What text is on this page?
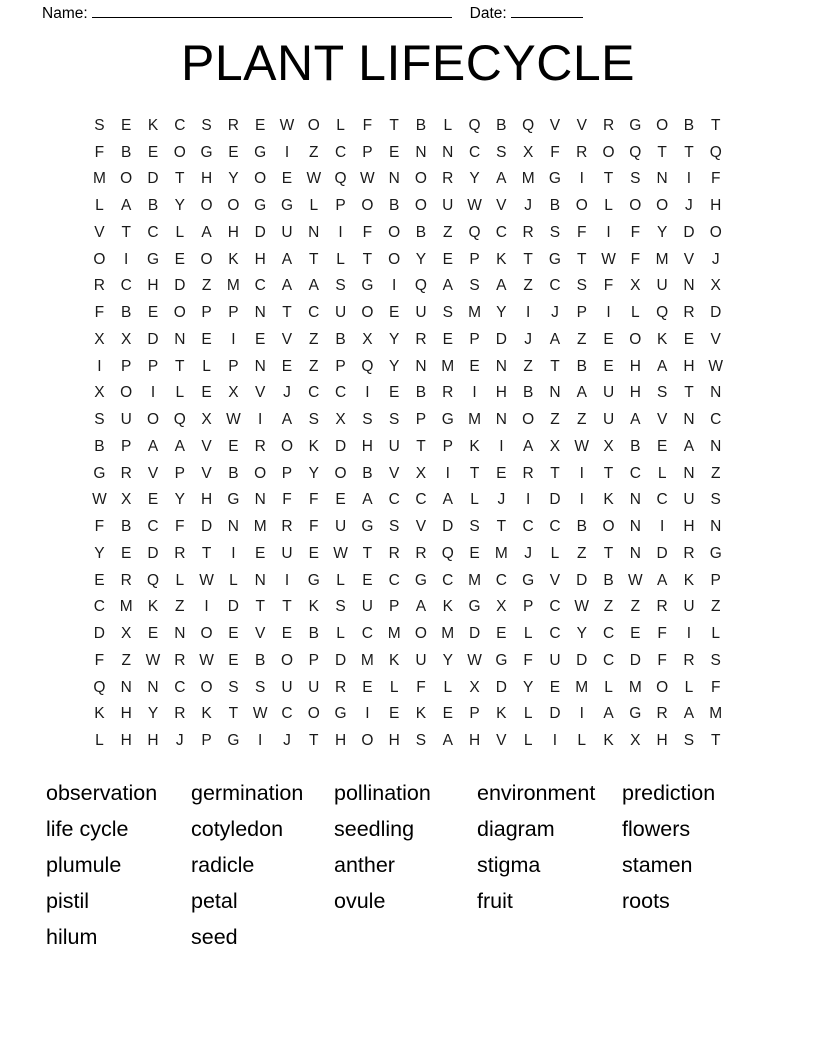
Name:	Date:
PLANT LIFECYCLE
S	E	K	C	S	R	E W O	L	F	T	B	L	Q	B	Q	V	V	R G O	B	T
F	B	E	O G	E	G	I	Z	C	P	E	N	N	C	S	X	F	R O Q	T	T	Q
M O D	T	H	Y	O	E W Q W N O R	Y	A M G	I	T	S	N	I	F
L	A	B	Y	O O G G	L	P	O	B	O U W V	J	B	O	L	O O	J	H
V	T	C	L	A	H	D	U	N	I	F	O	B	Z	Q C	R	S	F	I	F	Y	D O
O	I	G	E	O	K	H	A	T	L	T	O	Y	E	P	K	T	G	T W F	M V	J
R	C	H	D	Z	M C	A	A	S	G	I	Q	A	S	A	Z	C	S	F	X	U	N	X
F	B	E	O	P	P	N	T	C	U O	E	U	S M Y	I	J	P	I	L	Q R	D
X	X	D	N	E	I	E	V	Z	B	X	Y	R	E	P	D	J	A	Z	E	O	K	E	V
I	P	P	T	L	P	N	E	Z	P	Q	Y	N M E	N	Z	T	B	E	H	A	H W
X	O	I	L	E	X	V	J	C	C	I	E	B	R	I	H	B	N	A	U	H	S	T	N
S	U O Q	X W	I	A	S	X	S	S	P	G M N O	Z	Z	U	A	V	N	C
B	P	A	A	V	E	R O	K	D	H	U	T	P	K	I	A	X W X	B	E	A	N
G R	V	P	V	B	O	P	Y	O	B	V	X	I	T	E	R	T	I	T	C	L	N	Z
W X	E	Y	H G N	F	F	E	A	C	C	A	L	J	I	D	I	K	N	C	U	S
F	B	C	F	D	N M R	F	U G	S	V	D	S	T	C	C	B	O N	I	H	N
Y	E	D	R	T	I	E	U	E W T	R	R Q	E M	J	L	Z	T	N	D	R G
E	R Q	L W L	N	I	G	L	E	C G C M C G	V	D	B W A	K	P
C M K	Z	I	D	T	T	K	S	U	P	A	K	G	X	P	C W Z	Z	R	U	Z
D	X	E	N O	E	V	E	B	L	C M O M D	E	L	C	Y	C	E	F	I	L
F	Z W R W E	B	O	P	D M K	U	Y W G	F	U	D	C	D	F	R	S
Q N	N	C O	S	S	U	U	R	E	L	F	L	X	D	Y	E M	L	M O	L	F
K	H	Y	R	K	T W C O G	I	E	K	E	P	K	L	D	I	A	G R	A M
L	H	H	J	P	G	I	J	T	H O H	S	A	H	V	L	I	L	K	X	H	S	T
observation	germination	pollination	environment	prediction
life cycle	cotyledon	seedling	diagram	flowers
plumule	radicle	anther	stigma	stamen
pistil	petal	ovule	fruit	roots
hilum	seed
